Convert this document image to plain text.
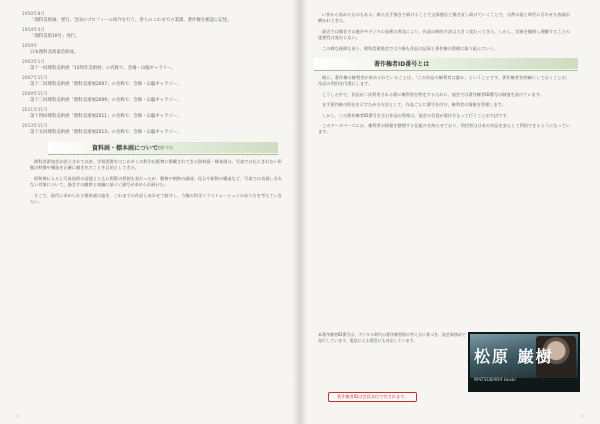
1950年8月
「理科美術画」発行。全国のプロフィール紹介を行う。各人のこれまでの業績、著作権を確認に記述。
1954年4月
「理科美術10号」発行。
1959年
日本理科美術協会結成。
2003年1月
第十一回理科美術展「10周年美術展」の名称で、会場・山脇ギャラリー。
2007年11月
第十二回理科美術展「理科美術展2007」の名称で、会場・山脇ギャラリー。
2009年11月
第十三回理科美術展「理科美術展2009」の名称で、会場・山脇ギャラリー。
2011年11月
第十四回理科美術展「理科美術展2011」の名称で、会場・山脇ギャラリー。
2013年11月
第十五回理科美術展「理科美術展2013」の名称で、会場・山脇ギャラリー。
資料画・標本画について
渡邊 中丸

理科美術協会が設立されて以来、学校図書をはじめ多くの科学出版物に掲載されてきた資料画・標本画は、写真では伝えきれない形態の特徴や構造を正確に描き出すことを目的としてきた。

昭和期に入ると写真技術の発達とともに図版の役割も変わったが、動物や植物の細部、化石や鉱物の構造など、写真では表現しきれない対象について、描き手の観察と知識に基づく描写が求められ続けた。

そこで、現代に求められる標本画の姿を、これまでの作品とあわせて紹介し、今後の科学イラストレーションのあり方を考えていきたい。

○

い作から始めたものもある。新たな手描きで続けることで文体感など描き直し続けていくことで、自然の姿と時代に合わせた表現が磨かれてきた。

最近では描き方の進歩やデジタル技術の普及により、作品の制作方法は大きく変わってきた。しかし、対象を観察し理解することの重要性は変わらない。

この様な経緯もあり、理科美術協会では今後も作品の記録と著作権の管理に取り組んでいく。

著作権者ID番号とは

既に、著作権の権利者が求められていることは、「この作品の権利者は誰か」ということです。著作権者を明確にしておくことが、作品の利用を円滑にします。

こうした中で、作品が二次利用される際に権利者を特定するために、協会では著作権者ID番号の制度を設けています。

まず著作権の所在を示すための方法として、作品ごとに番号を付け、権利者の情報を管理します。

しかし、この著作権者ID番号を含む作品の管理は、協会の会員が責任をもって行うことが大切です。

このデータベースには、権利者の情報を整理する仕組みを持たせており、利用者は日本の作品を安心して利用できるようになっています。

本著作権者ID番号は、デジタル時代の著作権管理の考え方に基づき、協会事務局で発行しています。電話による照会にも対応しています。
松原 巌樹
MATSUBARA Iwaki
著作権者IDは会員各位で付されます。
○
